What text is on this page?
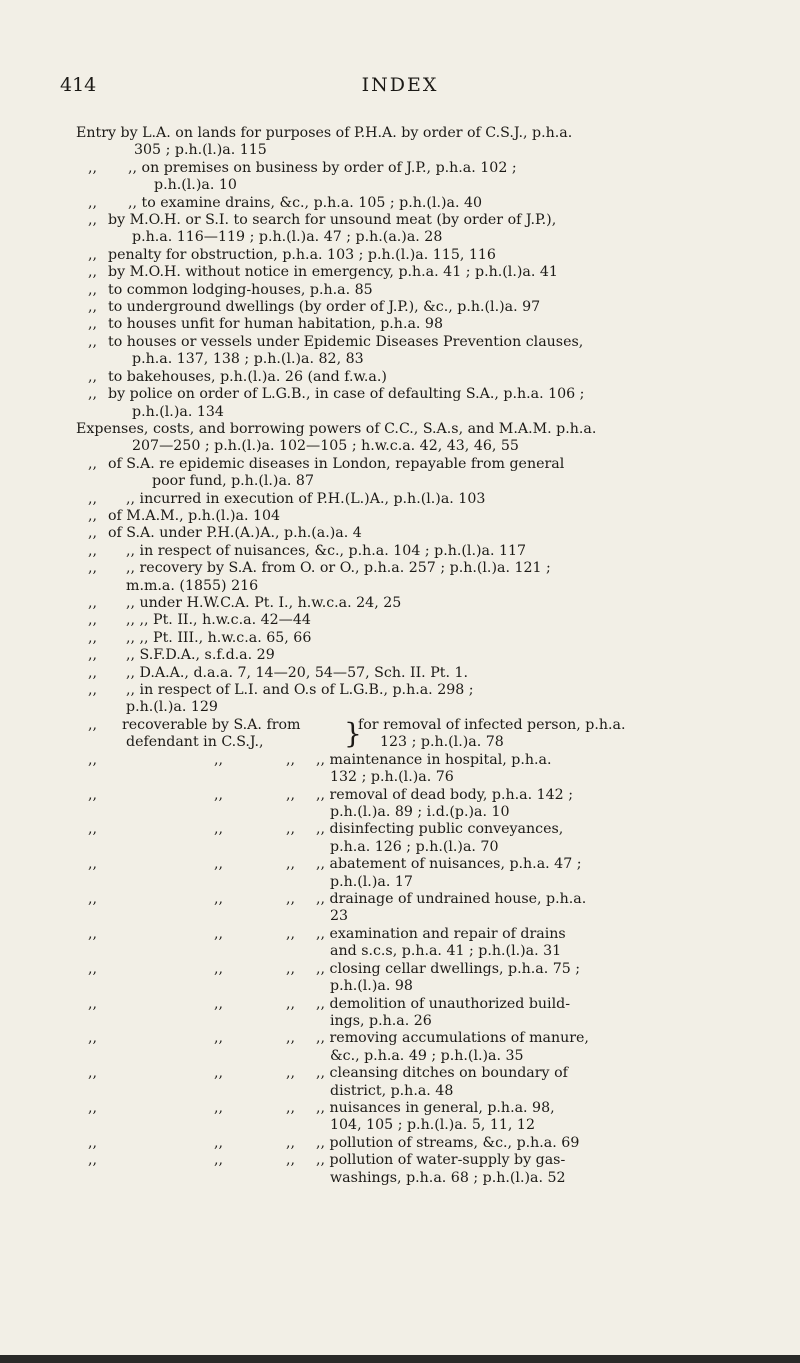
414	INDEX
Entry by L.A. on lands for purposes of P.H.A. by order of C.S.J., p.h.a.
305 ; p.h.(l.)a. 115
,,	,, on premises on business by order of J.P., p.h.a. 102 ;
p.h.(l.)a. 10
,,	,, to examine drains, &c., p.h.a. 105 ; p.h.(l.)a. 40
,, by M.O.H. or S.I. to search for unsound meat (by order of J.P.),
p.h.a. 116—119 ; p.h.(l.)a. 47 ; p.h.(a.)a. 28
,, penalty for obstruction, p.h.a. 103 ; p.h.(l.)a. 115, 116
,, by M.O.H. without notice in emergency, p.h.a. 41 ; p.h.(l.)a. 41
,, to common lodging-houses, p.h.a. 85
,, to underground dwellings (by order of J.P.), &c., p.h.(l.)a. 97
,, to houses unfit for human habitation, p.h.a. 98
,, to houses or vessels under Epidemic Diseases Prevention clauses,
p.h.a. 137, 138 ; p.h.(l.)a. 82, 83
,, to bakehouses, p.h.(l.)a. 26 (and f.w.a.)
,, by police on order of L.G.B., in case of defaulting S.A., p.h.a. 106 ;
p.h.(l.)a. 134
Expenses, costs, and borrowing powers of C.C., S.A.s, and M.A.M. p.h.a.
207—250 ; p.h.(l.)a. 102—105 ; h.w.c.a. 42, 43, 46, 55
,, of S.A. re epidemic diseases in London, repayable from general
poor fund, p.h.(l.)a. 87
,,	,, incurred in execution of P.H.(L.)A., p.h.(l.)a. 103
,, of M.A.M., p.h.(l.)a. 104
,, of S.A. under P.H.(A.)A., p.h.(a.)a. 4
,,	,, in respect of nuisances, &c., p.h.a. 104 ; p.h.(l.)a. 117
,,	,, recovery by S.A. from O. or O., p.h.a. 257 ; p.h.(l.)a. 121 ;
m.m.a. (1855) 216
,,	,, under H.W.C.A. Pt. I., h.w.c.a. 24, 25
,,	,, ,, Pt. II., h.w.c.a. 42—44
,,	,, ,, Pt. III., h.w.c.a. 65, 66
,,	,, S.F.D.A., s.f.d.a. 29
,,	,, D.A.A., d.a.a. 7, 14—20, 54—57, Sch. II. Pt. 1.
,,	,, in respect of L.I. and O.s of L.G.B., p.h.a. 298 ;
p.h.(l.)a. 129
,, recoverable by S.A. from
defendant in C.S.J.,	}
for removal of infected person, p.h.a.
123 ; p.h.(l.)a. 78
,,	,,	,, ,, maintenance in hospital, p.h.a.
132 ; p.h.(l.)a. 76
,,	,,	,, ,, removal of dead body, p.h.a. 142 ;
p.h.(l.)a. 89 ; i.d.(p.)a. 10
,,	,,	,, ,, disinfecting public conveyances,
p.h.a. 126 ; p.h.(l.)a. 70
,,	,,	,, ,, abatement of nuisances, p.h.a. 47 ;
p.h.(l.)a. 17
,,	,,	,, ,, drainage of undrained house, p.h.a.
23
,,	,,	,, ,, examination and repair of drains
and s.c.s, p.h.a. 41 ; p.h.(l.)a. 31
,,	,,	,, ,, closing cellar dwellings, p.h.a. 75 ;
p.h.(l.)a. 98
,,	,,	,, ,, demolition of unauthorized build-
ings, p.h.a. 26
,,	,,	,, ,, removing accumulations of manure,
&c., p.h.a. 49 ; p.h.(l.)a. 35
,,	,,	,, ,, cleansing ditches on boundary of
district, p.h.a. 48
,,	,,	,, ,, nuisances in general, p.h.a. 98,
104, 105 ; p.h.(l.)a. 5, 11, 12
,,	,,	,, ,, pollution of streams, &c., p.h.a. 69
,,	,,	,, ,, pollution of water-supply by gas-
washings, p.h.a. 68 ; p.h.(l.)a. 52
